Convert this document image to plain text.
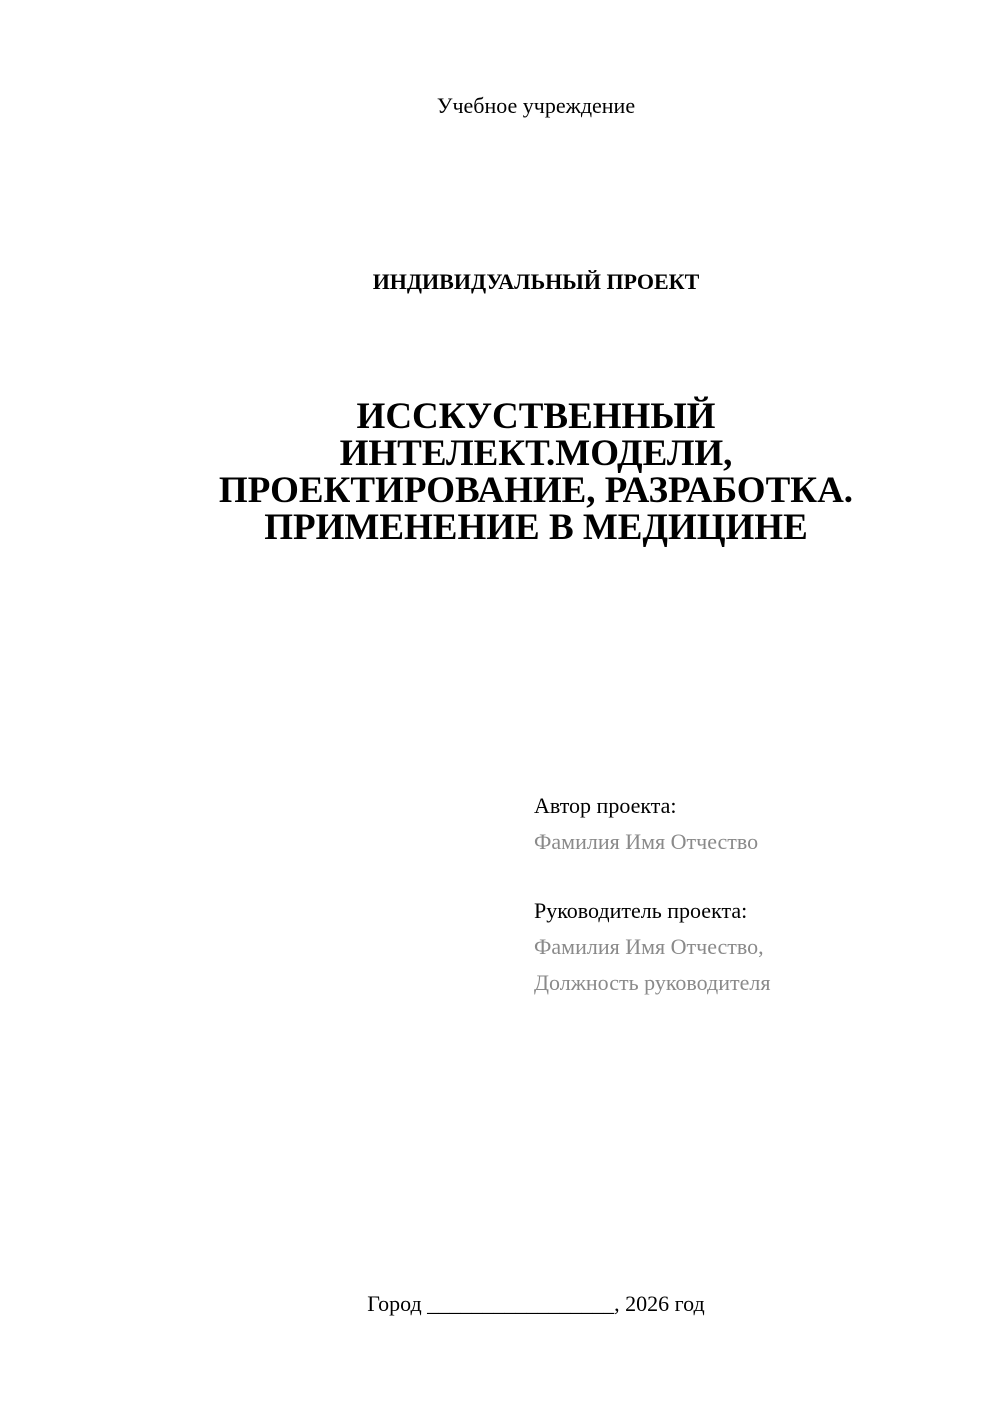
Учебное учреждение
ИНДИВИДУАЛЬНЫЙ ПРОЕКТ
ИССКУСТВЕННЫЙ
ИНТЕЛЕКТ.МОДЕЛИ,
ПРОЕКТИРОВАНИЕ, РАЗРАБОТКА.
ПРИМЕНЕНИЕ В МЕДИЦИНЕ
Автор проекта:
Фамилия Имя Отчество
Руководитель проекта:
Фамилия Имя Отчество,
Должность руководителя
Город _________________, 2026 год
